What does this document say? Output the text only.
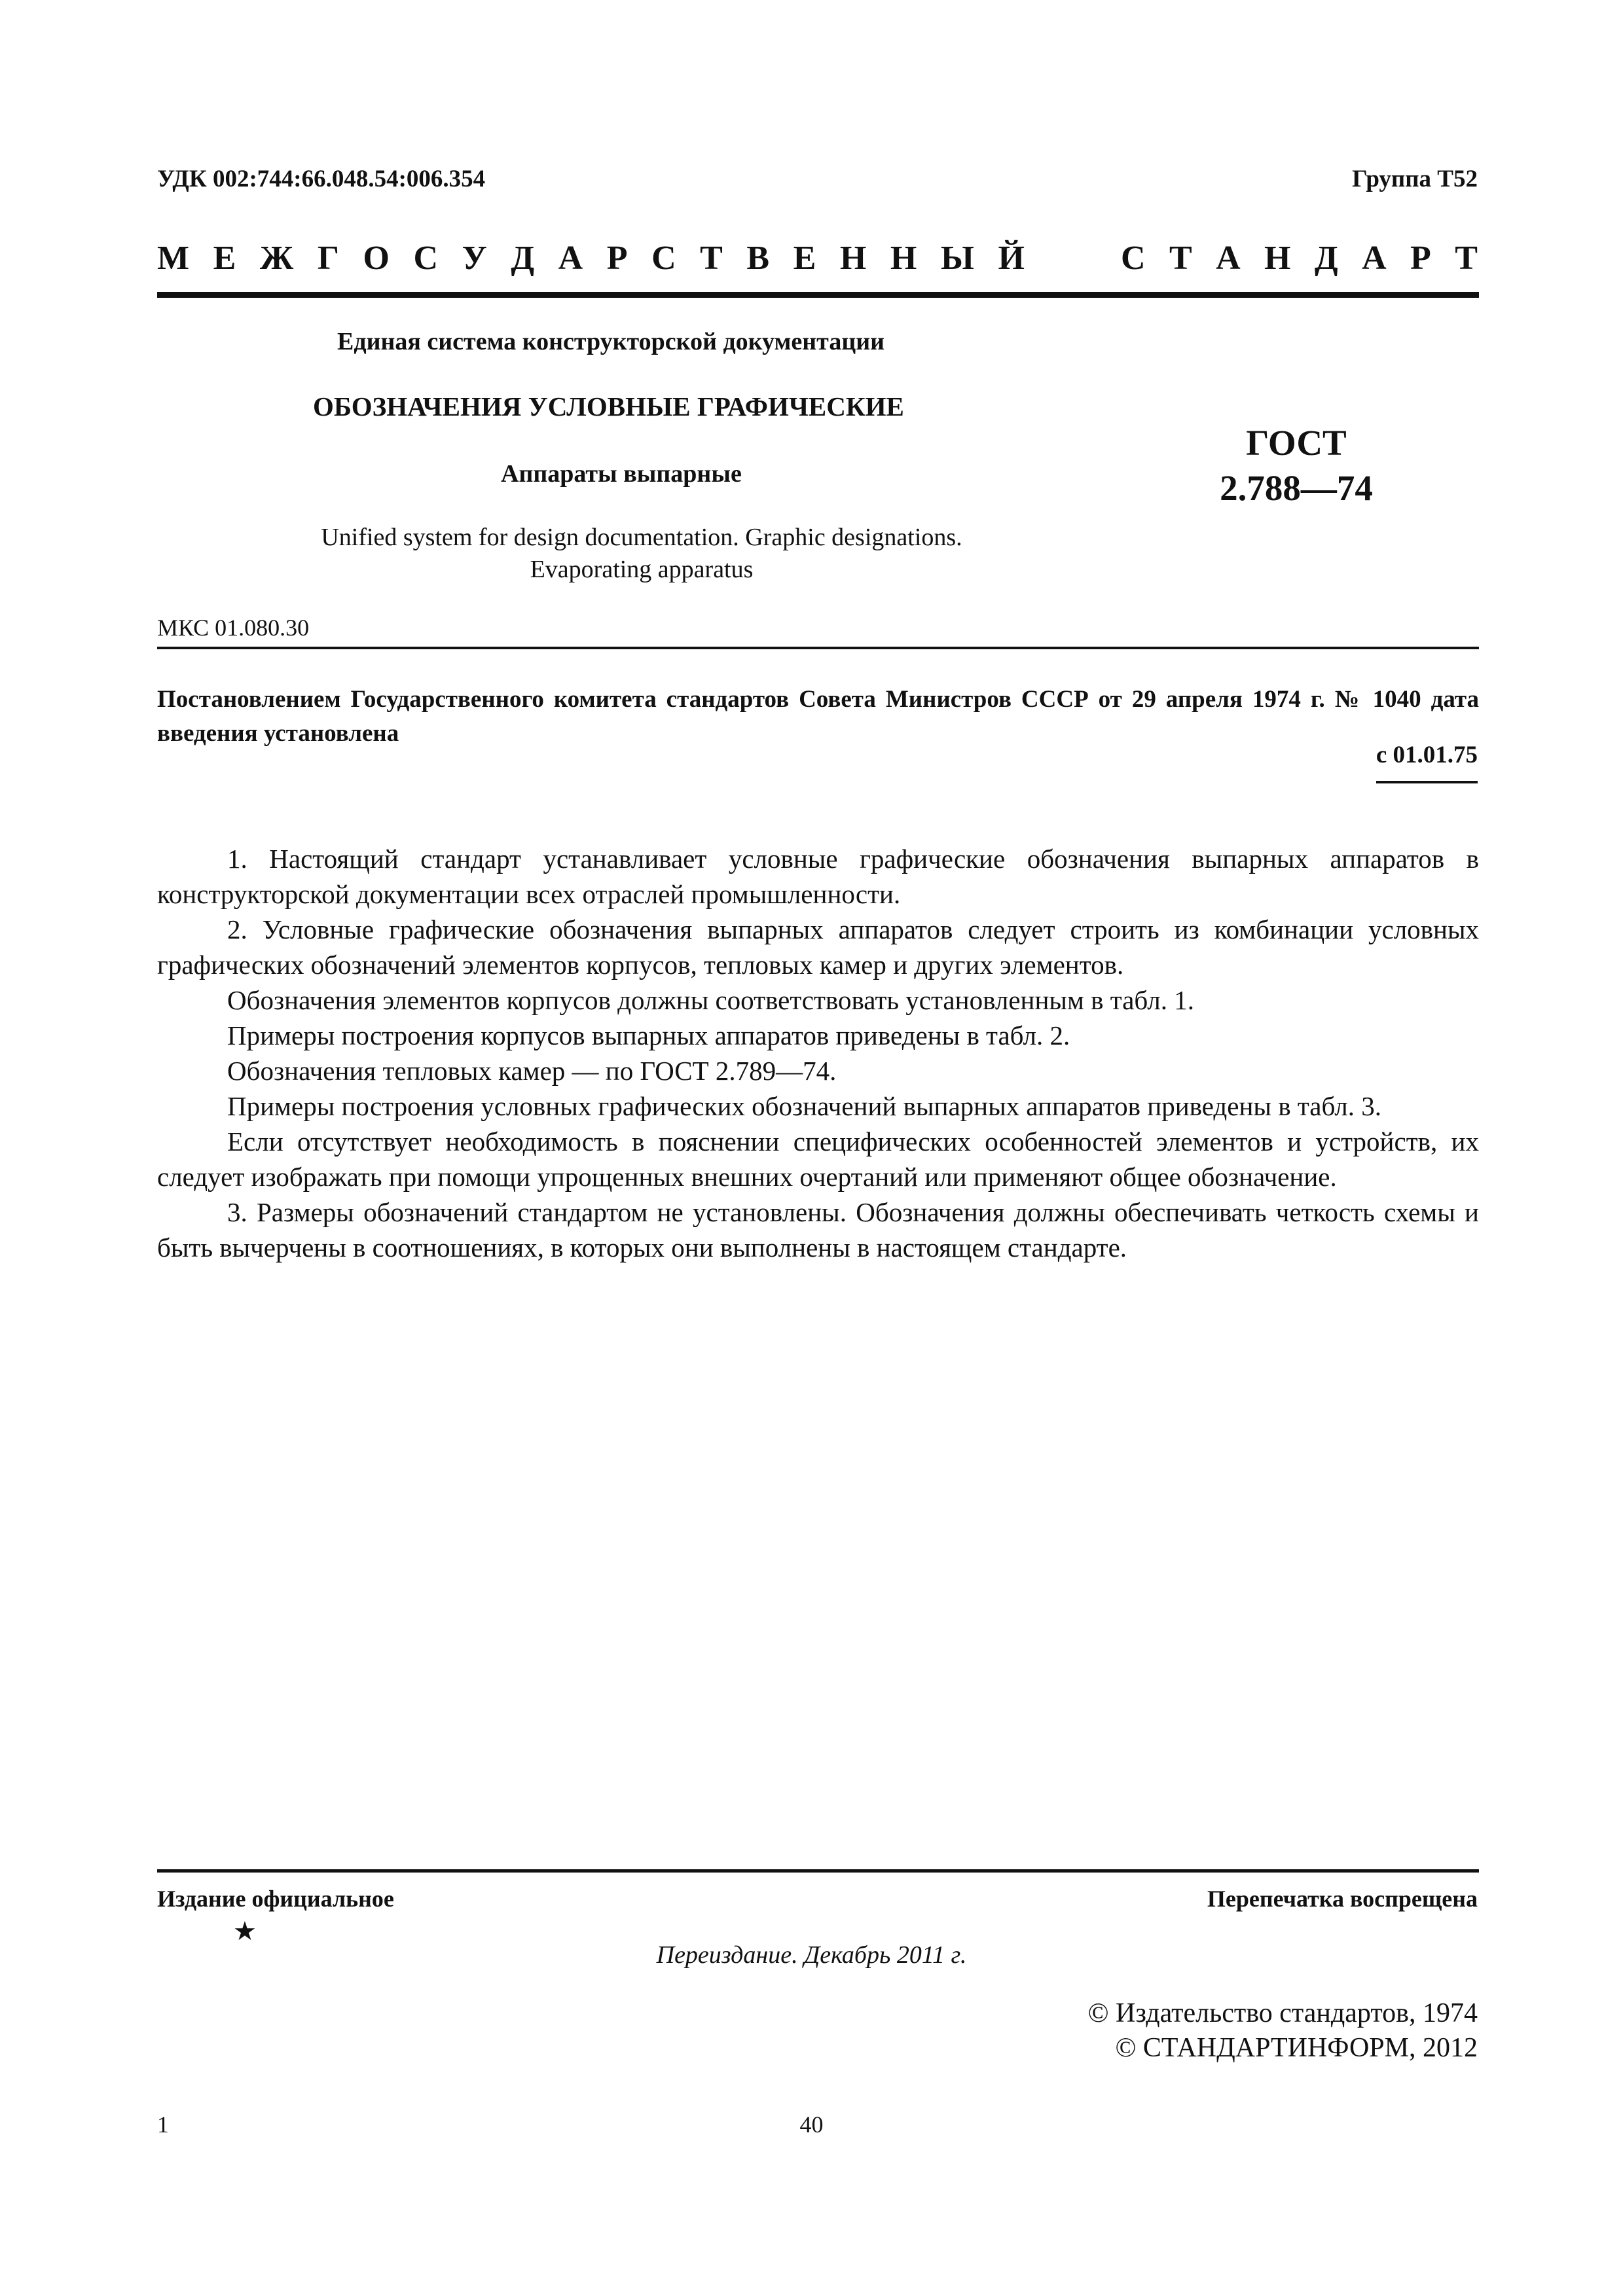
УДК 002:744:66.048.54:006.354	Группа Т52
М Е Ж Г О С У Д А Р С Т В Е Н Н Ы Й	С Т А Н Д А Р Т
Единая система конструкторской документации
ОБОЗНАЧЕНИЯ УСЛОВНЫЕ ГРАФИЧЕСКИЕ
Аппараты выпарные
ГОСТ
2.788—74
Unified system for design documentation. Graphic designations.
Evaporating apparatus
МКС 01.080.30
Постановлением Государственного комитета стандартов Совета Министров СССР от 29 апреля 1974 г. № 1040 дата введения установлена
с 01.01.75

1. Настоящий стандарт устанавливает условные графические обозначения выпарных аппаратов в конструкторской документации всех отраслей промышленности.

2. Условные графические обозначения выпарных аппаратов следует строить из комбинации условных графических обозначений элементов корпусов, тепловых камер и других элементов.

Обозначения элементов корпусов должны соответствовать установленным в табл. 1.

Примеры построения корпусов выпарных аппаратов приведены в табл. 2.

Обозначения тепловых камер — по ГОСТ 2.789—74.

Примеры построения условных графических обозначений выпарных аппаратов приведены в табл. 3.

Если отсутствует необходимость в пояснении специфических особенностей элементов и устройств, их следует изображать при помощи упрощенных внешних очертаний или применяют общее обозначение.

3. Размеры обозначений стандартом не установлены. Обозначения должны обеспечивать четкость схемы и быть вычерчены в соотношениях, в которых они выполнены в настоящем стандарте.

Издание официальное
★
Перепечатка воспрещена
Переиздание. Декабрь 2011 г.
© Издательство стандартов, 1974
© СТАНДАРТИНФОРМ, 2012
1	40
